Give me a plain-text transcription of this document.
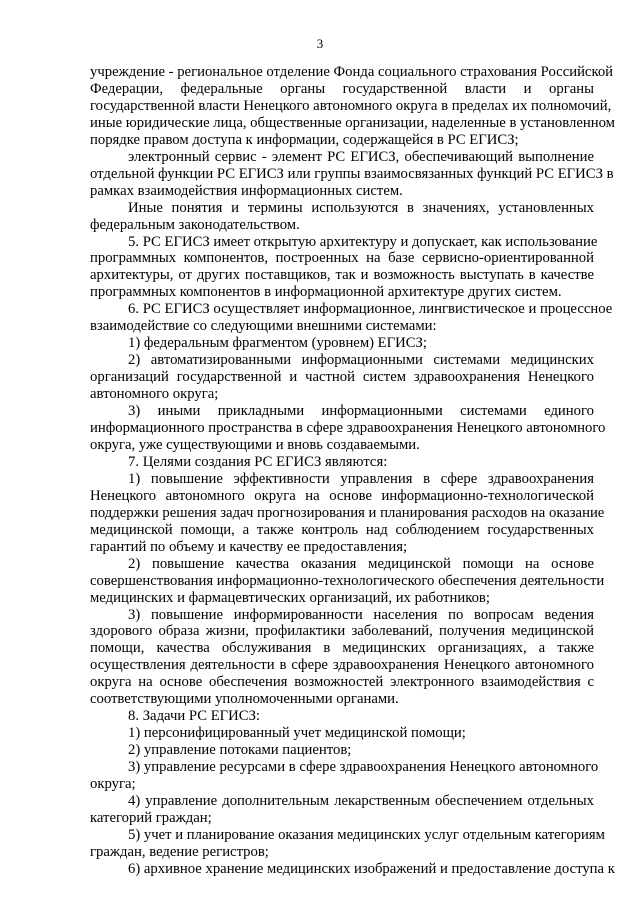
3
учреждение - региональное отделение Фонда социального страхования Российской
Федерации, федеральные органы государственной власти и органы
государственной власти Ненецкого автономного округа в пределах их полномочий,
иные юридические лица, общественные организации, наделенные в установленном
порядке правом доступа к информации, содержащейся в РС ЕГИСЗ;
электронный сервис - элемент РС ЕГИСЗ, обеспечивающий выполнение
отдельной функции РС ЕГИСЗ или группы взаимосвязанных функций РС ЕГИСЗ в
рамках взаимодействия информационных систем.
Иные понятия и термины используются в значениях, установленных
федеральным законодательством.
5. РС ЕГИСЗ имеет открытую архитектуру и допускает, как использование
программных компонентов, построенных на базе сервисно-ориентированной
архитектуры, от других поставщиков, так и возможность выступать в качестве
программных компонентов в информационной архитектуре других систем.
6. РС ЕГИСЗ осуществляет информационное, лингвистическое и процессное
взаимодействие со следующими внешними системами:
1) федеральным фрагментом (уровнем) ЕГИСЗ;
2) автоматизированными информационными системами медицинских
организаций государственной и частной систем здравоохранения Ненецкого
автономного округа;
3) иными прикладными информационными системами единого
информационного пространства в сфере здравоохранения Ненецкого автономного
округа, уже существующими и вновь создаваемыми.
7. Целями создания РС ЕГИСЗ являются:
1) повышение эффективности управления в сфере здравоохранения
Ненецкого автономного округа на основе информационно-технологической
поддержки решения задач прогнозирования и планирования расходов на оказание
медицинской помощи, а также контроль над соблюдением государственных
гарантий по объему и качеству ее предоставления;
2) повышение качества оказания медицинской помощи на основе
совершенствования информационно-технологического обеспечения деятельности
медицинских и фармацевтических организаций, их работников;
3) повышение информированности населения по вопросам ведения
здорового образа жизни, профилактики заболеваний, получения медицинской
помощи, качества обслуживания в медицинских организациях, а также
осуществления деятельности в сфере здравоохранения Ненецкого автономного
округа на основе обеспечения возможностей электронного взаимодействия с
соответствующими уполномоченными органами.
8. Задачи РС ЕГИСЗ:
1) персонифицированный учет медицинской помощи;
2) управление потоками пациентов;
3) управление ресурсами в сфере здравоохранения Ненецкого автономного
округа;
4) управление дополнительным лекарственным обеспечением отдельных
категорий граждан;
5) учет и планирование оказания медицинских услуг отдельным категориям
граждан, ведение регистров;
6) архивное хранение медицинских изображений и предоставление доступа к
